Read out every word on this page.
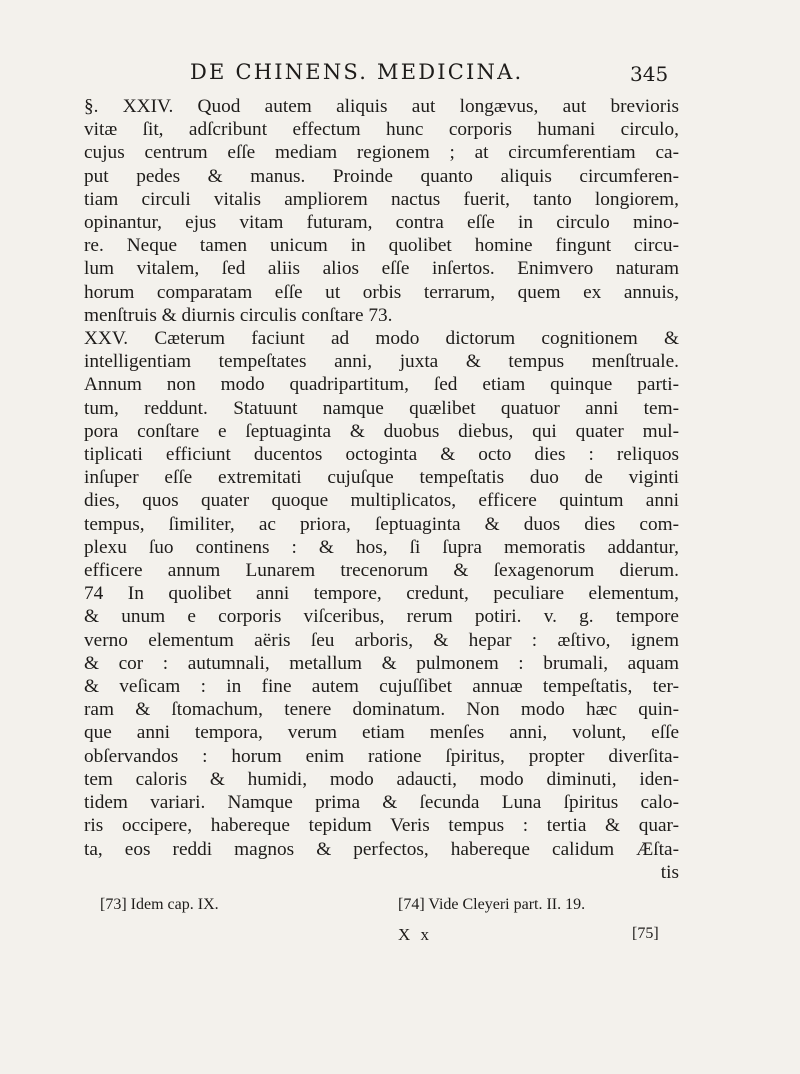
DE CHINENS. MEDICINA.	345
§. XXIV. Quod autem aliquis aut longævus, aut brevioris
vitæ ſit, adſcribunt effectum hunc corporis humani circulo,
cujus centrum eſſe mediam regionem ; at circumferentiam ca-
put pedes & manus. Proinde quanto aliquis circumferen-
tiam circuli vitalis ampliorem nactus fuerit, tanto longiorem,
opinantur, ejus vitam futuram, contra eſſe in circulo mino-
re. Neque tamen unicum in quolibet homine fingunt circu-
lum vitalem, ſed aliis alios eſſe inſertos. Enimvero naturam
horum comparatam eſſe ut orbis terrarum, quem ex annuis,
menſtruis & diurnis circulis conſtare 73.
XXV. Cæterum faciunt ad modo dictorum cognitionem &
intelligentiam tempeſtates anni, juxta & tempus menſtruale.
Annum non modo quadripartitum, ſed etiam quinque parti-
tum, reddunt. Statuunt namque quælibet quatuor anni tem-
pora conſtare e ſeptuaginta & duobus diebus, qui quater mul-
tiplicati efficiunt ducentos octoginta & octo dies : reliquos
inſuper eſſe extremitati cujuſque tempeſtatis duo de viginti
dies, quos quater quoque multiplicatos, efficere quintum anni
tempus, ſimiliter, ac priora, ſeptuaginta & duos dies com-
plexu ſuo continens : & hos, ſi ſupra memoratis addantur,
efficere annum Lunarem trecenorum & ſexagenorum dierum.
74 In quolibet anni tempore, credunt, peculiare elementum,
& unum e corporis viſceribus, rerum potiri. v. g. tempore
verno elementum aëris ſeu arboris, & hepar : æſtivo, ignem
& cor : autumnali, metallum & pulmonem : brumali, aquam
& veſicam : in fine autem cujuſſibet annuæ tempeſtatis, ter-
ram & ſtomachum, tenere dominatum. Non modo hæc quin-
que anni tempora, verum etiam menſes anni, volunt, eſſe
obſervandos : horum enim ratione ſpiritus, propter diverſita-
tem caloris & humidi, modo adaucti, modo diminuti, iden-
tidem variari. Namque prima & ſecunda Luna ſpiritus calo-
ris occipere, habereque tepidum Veris tempus : tertia & quar-
ta, eos reddi magnos & perfectos, habereque calidum Æſta-
tis
[73] Idem cap. IX.	[74] Vide Cleyeri part. II. 19.
X x	[75]
